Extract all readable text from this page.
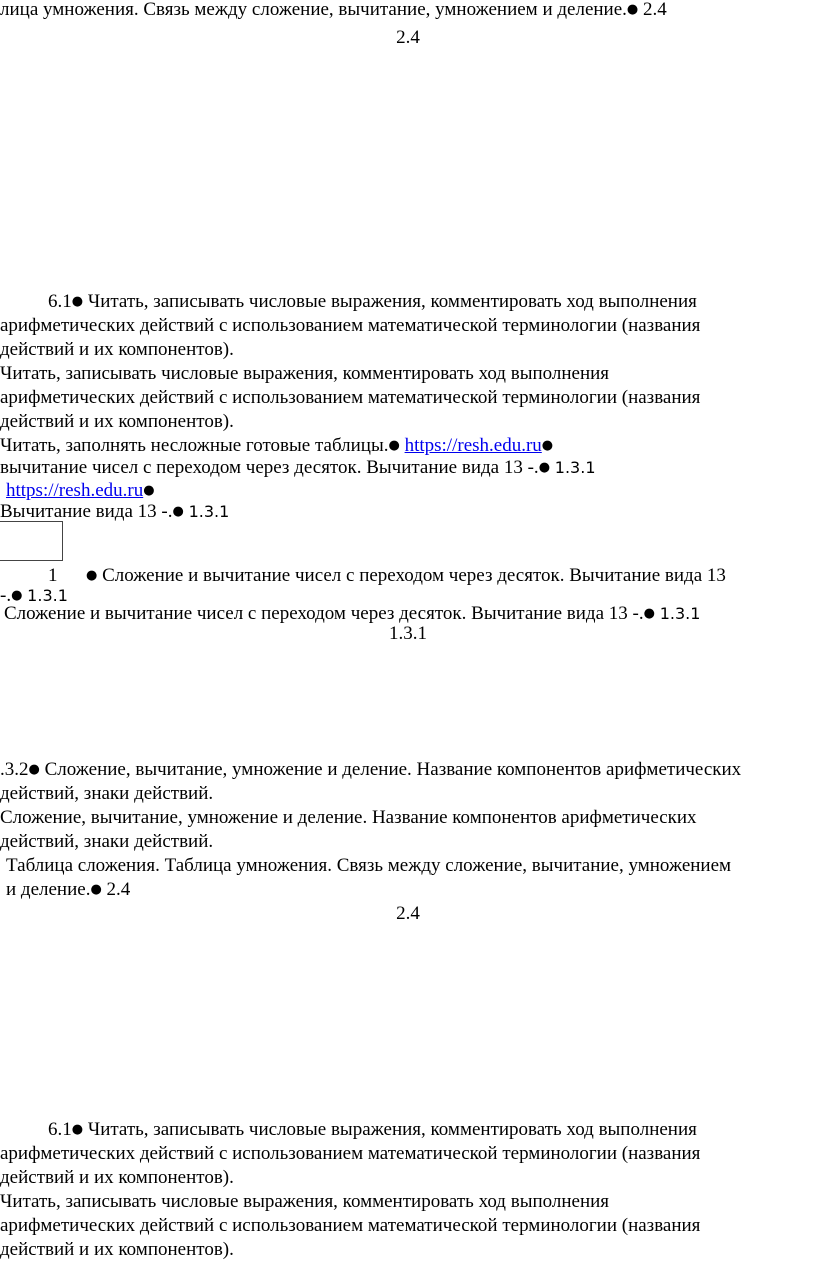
лица умножения. Связь между сложение, вычитание, умножением и деление.● 2.4
2.4
6.1● Читать, записывать числовые выражения, комментировать ход выполнения
арифметических действий с использованием математической терминологии (названия
действий и их компонентов).
Читать, записывать числовые выражения, комментировать ход выполнения
арифметических действий с использованием математической терминологии (названия
действий и их компонентов).
Читать, заполнять несложные готовые таблицы.● https://resh.edu.ru●
вычитание чисел с переходом через десяток. Вычитание вида 13 -.● 1.3.1
https://resh.edu.ru●
Вычитание вида 13 -.● 1.3.1
1 ● Сложение и вычитание чисел с переходом через десяток. Вычитание вида 13
-.● 1.3.1
Сложение и вычитание чисел с переходом через десяток. Вычитание вида 13 -.● 1.3.1
1.3.1
.3.2● Сложение, вычитание, умножение и деление. Название компонентов арифметических
действий, знаки действий.
Сложение, вычитание, умножение и деление. Название компонентов арифметических
действий, знаки действий.
Таблица сложения. Таблица умножения. Связь между сложение, вычитание, умножением
и деление.● 2.4
2.4
6.1● Читать, записывать числовые выражения, комментировать ход выполнения
арифметических действий с использованием математической терминологии (названия
действий и их компонентов).
Читать, записывать числовые выражения, комментировать ход выполнения
арифметических действий с использованием математической терминологии (названия
действий и их компонентов).
